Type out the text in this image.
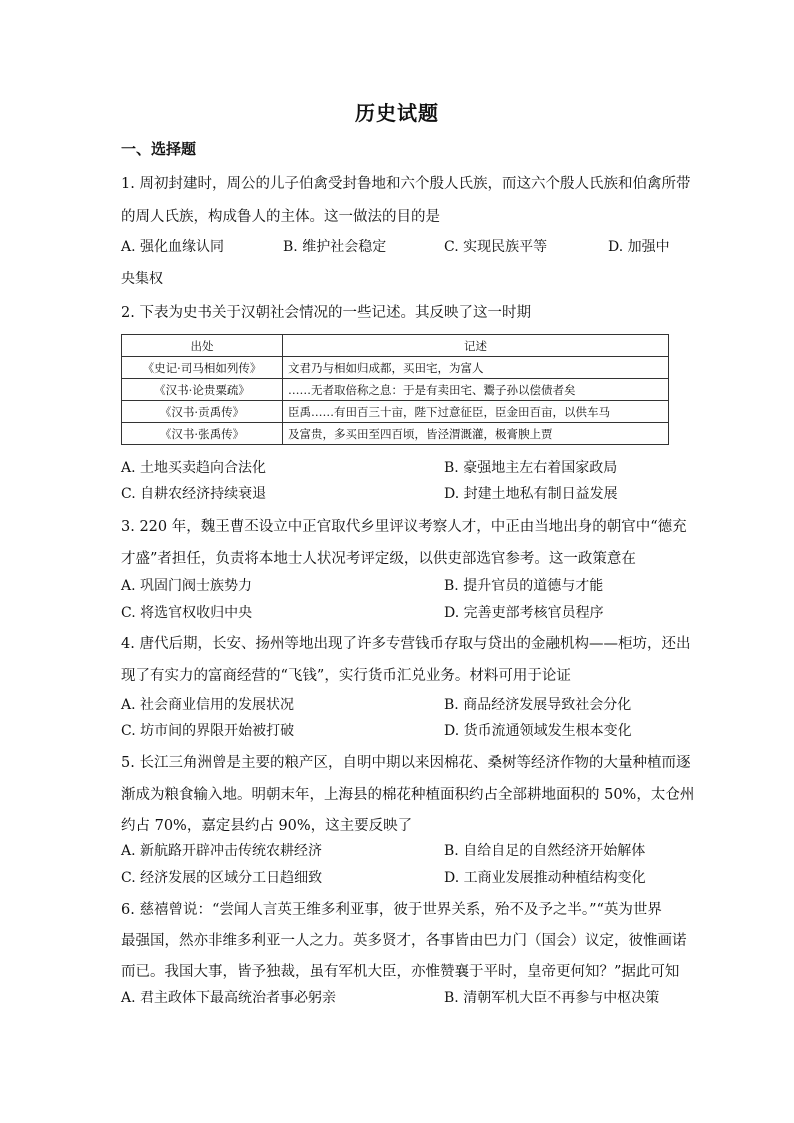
历史试题
一、选择题
1. 周初封建时，周公的儿子伯禽受封鲁地和六个殷人氏族，而这六个殷人氏族和伯禽所带
的周人氏族，构成鲁人的主体。这一做法的目的是
A. 强化血缘认同	B. 维护社会稳定	C. 实现民族平等	D. 加强中
央集权
2. 下表为史书关于汉朝社会情况的一些记述。其反映了这一时期
出处	记述
《史记·司马相如列传》	文君乃与相如归成都，买田宅，为富人
《汉书·论贵粟疏》	……无者取倍称之息：于是有卖田宅、鬻子孙以偿债者矣
《汉书·贡禹传》	臣禹……有田百三十亩，陛下过意征臣，臣金田百亩，以供车马
《汉书·张禹传》	及富贵，多买田至四百顷，皆泾渭溉灌，极膏腴上贾
A. 土地买卖趋向合法化	B. 豪强地主左右着国家政局
C. 自耕农经济持续衰退	D. 封建土地私有制日益发展
3. 220 年，魏王曹丕设立中正官取代乡里评议考察人才，中正由当地出身的朝官中“德充
才盛”者担任，负责将本地士人状况考评定级，以供吏部选官参考。这一政策意在
A. 巩固门阀士族势力	B. 提升官员的道德与才能
C. 将选官权收归中央	D. 完善吏部考核官员程序
4. 唐代后期，长安、扬州等地出现了许多专营钱币存取与贷出的金融机构——柜坊，还出
现了有实力的富商经营的“飞钱”，实行货币汇兑业务。材料可用于论证
A. 社会商业信用的发展状况	B. 商品经济发展导致社会分化
C. 坊市间的界限开始被打破	D. 货币流通领域发生根本变化
5. 长江三角洲曾是主要的粮产区，自明中期以来因棉花、桑树等经济作物的大量种植而逐
渐成为粮食输入地。明朝末年，上海县的棉花种植面积约占全部耕地面积的 50%，太仓州
约占 70%，嘉定县约占 90%，这主要反映了
A. 新航路开辟冲击传统农耕经济	B. 自给自足的自然经济开始解体
C. 经济发展的区域分工日趋细致	D. 工商业发展推动种植结构变化
6. 慈禧曾说：“尝闻人言英王维多利亚事，彼于世界关系，殆不及予之半。”“英为世界
最强国，然亦非维多利亚一人之力。英多贤才，各事皆由巴力门（国会）议定，彼惟画诺
而已。我国大事，皆予独裁，虽有军机大臣，亦惟赞襄于平时，皇帝更何知？”据此可知
A. 君主政体下最高统治者事必躬亲	B. 清朝军机大臣不再参与中枢决策
